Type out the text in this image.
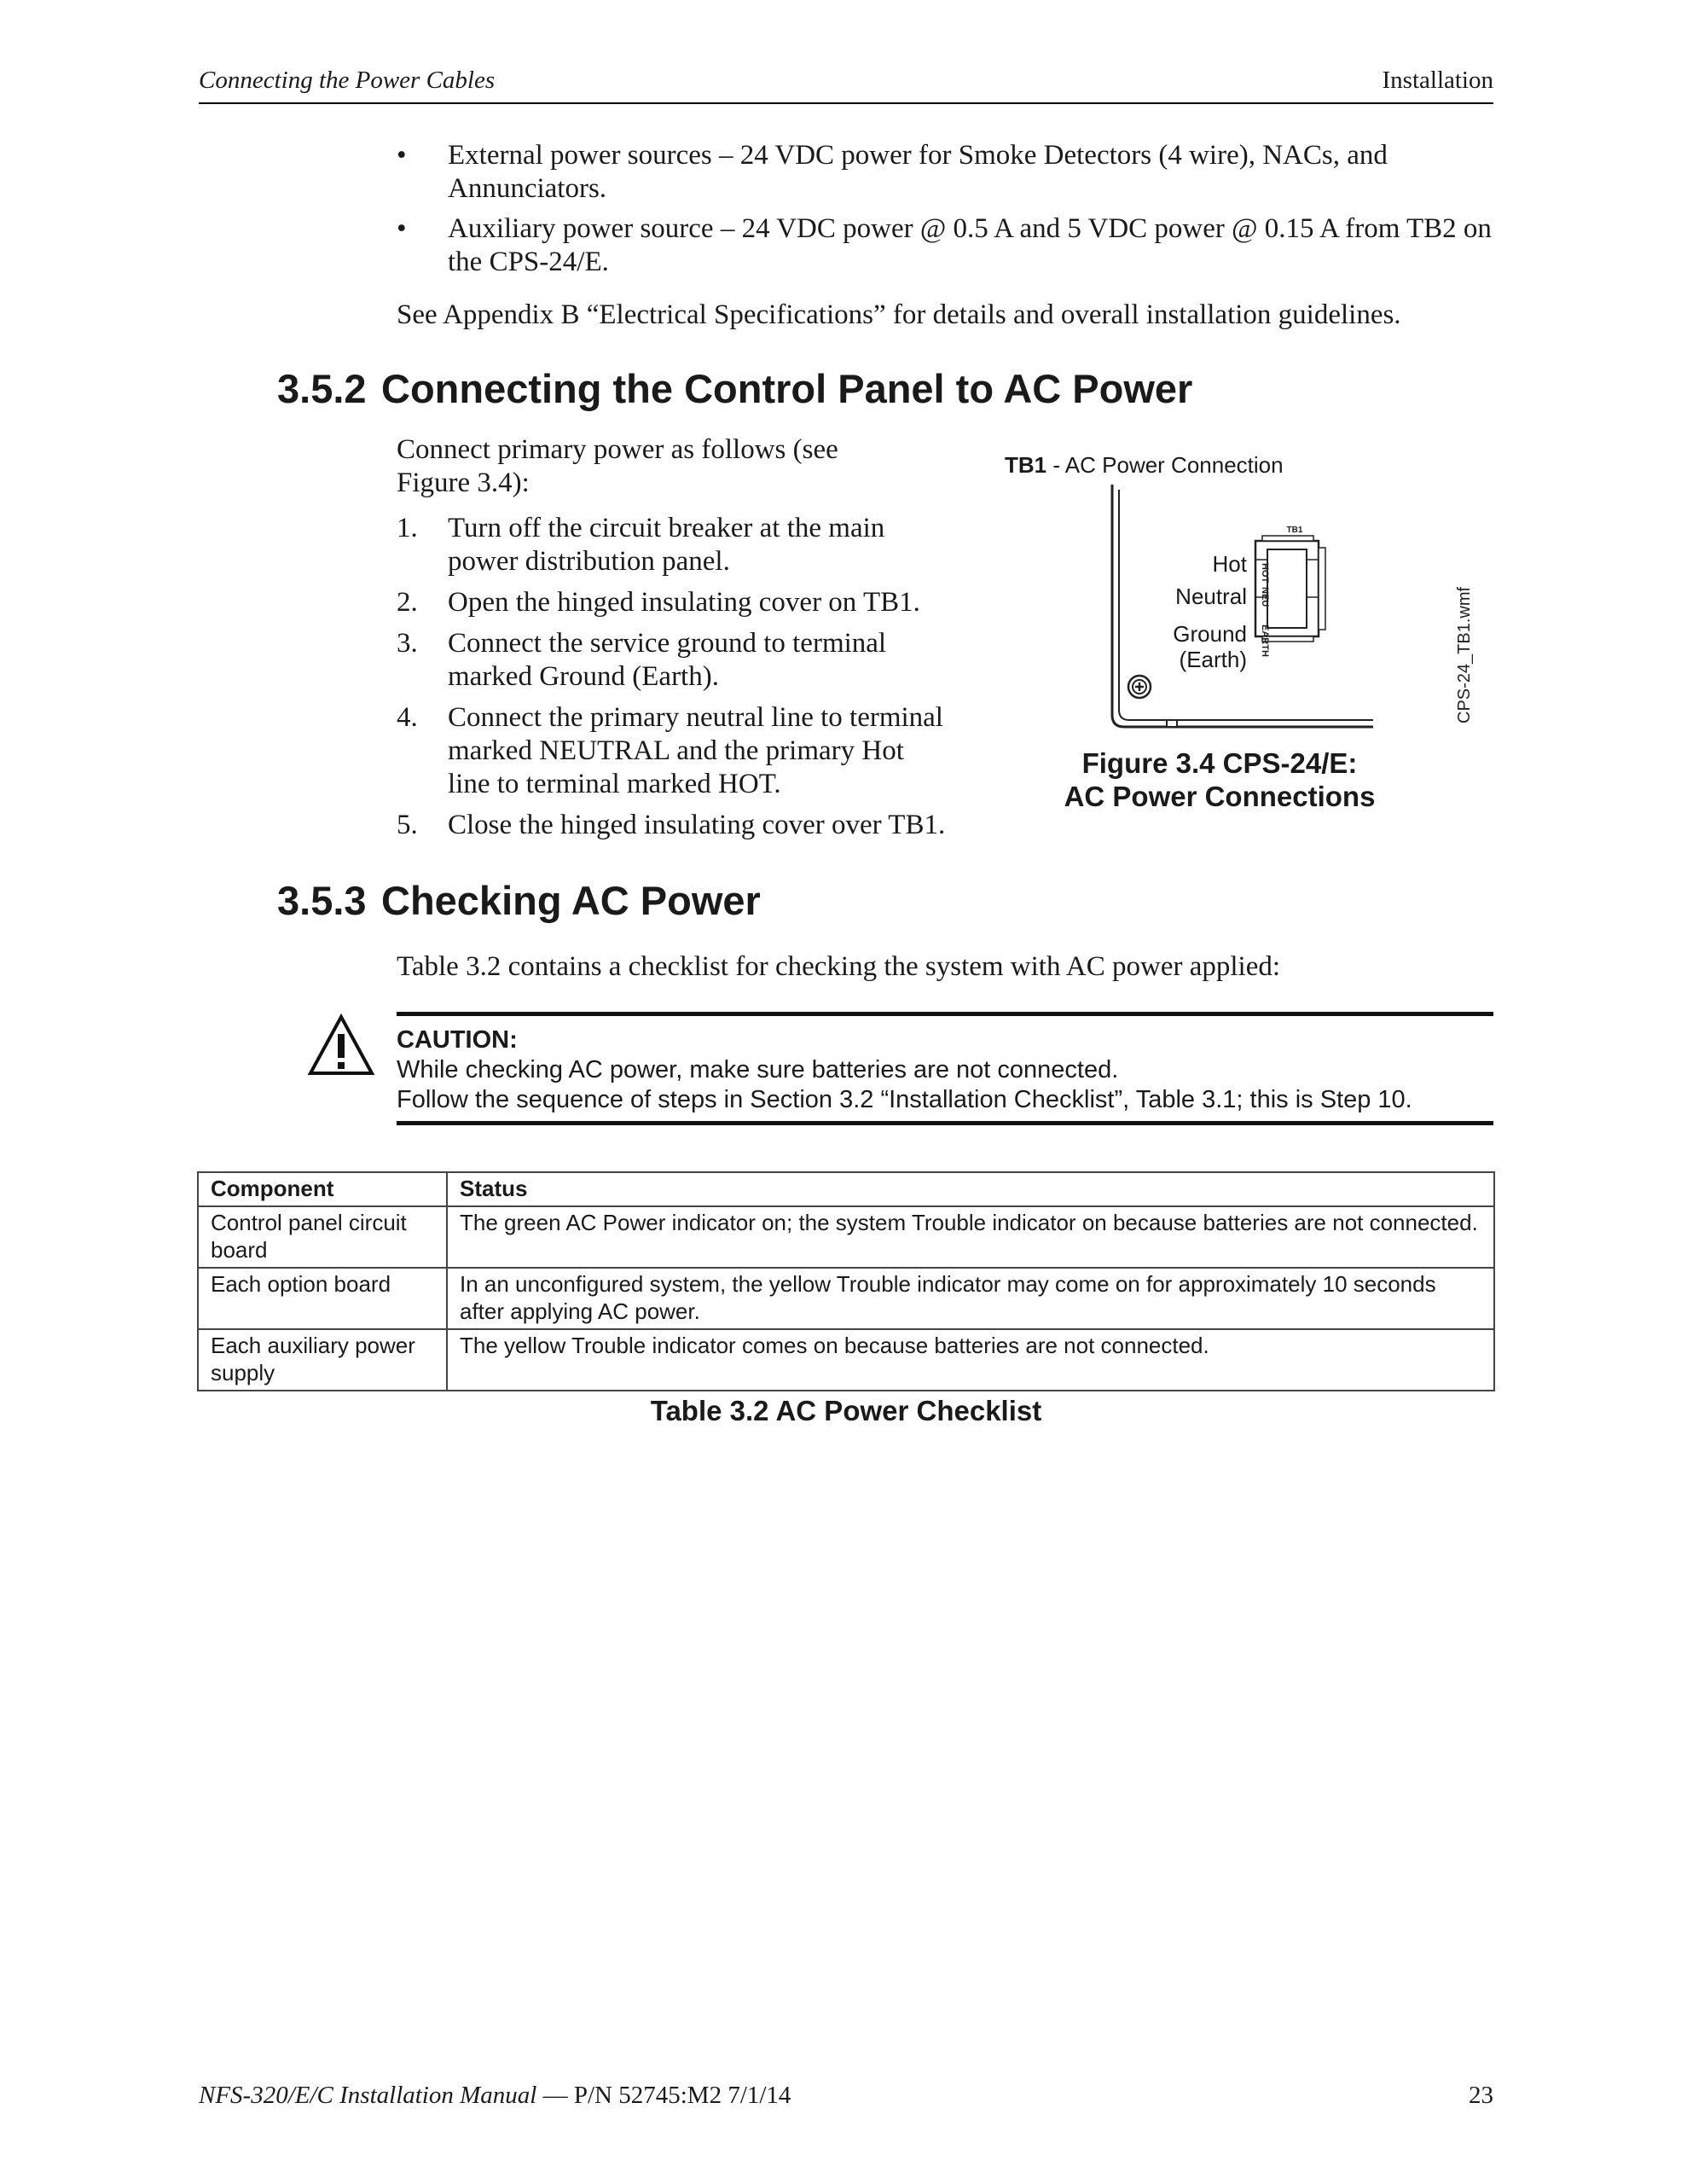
Connecting the Power Cables	Installation
• External power sources – 24 VDC power for Smoke Detectors (4 wire), NACs, and Annunciators.
• Auxiliary power source – 24 VDC power @ 0.5 A and 5 VDC power @ 0.15 A from TB2 on the CPS-24/E.
See Appendix B “Electrical Specifications” for details and overall installation guidelines.
3.5.2 Connecting the Control Panel to AC Power
Connect primary power as follows (see Figure 3.4):
1. Turn off the circuit breaker at the main power distribution panel.
2. Open the hinged insulating cover on TB1.
3. Connect the service ground to terminal marked Ground (Earth).
4. Connect the primary neutral line to terminal marked NEUTRAL and the primary Hot line to terminal marked HOT.
5. Close the hinged insulating cover over TB1.
TB1 - AC Power Connection
TB1
HOT
NEU
EARTH
Hot
Neutral
Ground
(Earth)	CPS-24_TB1.wmf
Figure 3.4 CPS-24/E:
AC Power Connections
3.5.3 Checking AC Power
Table 3.2 contains a checklist for checking the system with AC power applied:
CAUTION:
While checking AC power, make sure batteries are not connected.
Follow the sequence of steps in Section 3.2 “Installation Checklist”, Table 3.1; this is Step 10.
Component	Status
Control panel circuit board	The green AC Power indicator on; the system Trouble indicator on because batteries are not connected.
Each option board	In an unconfigured system, the yellow Trouble indicator may come on for approximately 10 seconds after applying AC power.
Each auxiliary power supply	The yellow Trouble indicator comes on because batteries are not connected.
Table 3.2 AC Power Checklist
NFS-320/E/C Installation Manual — P/N 52745:M2 7/1/14	23
